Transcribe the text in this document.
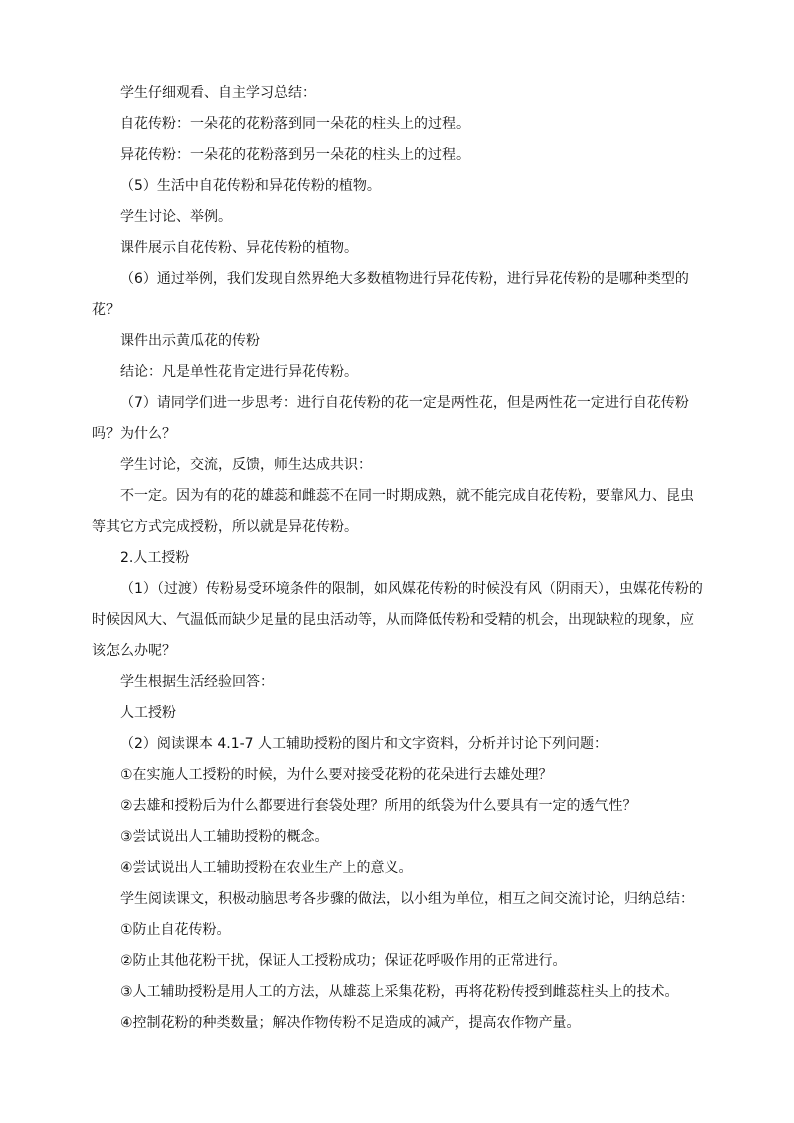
学生仔细观看、自主学习总结：

自花传粉：一朵花的花粉落到同一朵花的柱头上的过程。

异花传粉：一朵花的花粉落到另一朵花的柱头上的过程。

（5）生活中自花传粉和异花传粉的植物。

学生讨论、举例。

课件展示自花传粉、异花传粉的植物。

（6）通过举例，我们发现自然界绝大多数植物进行异花传粉，进行异花传粉的是哪种类型的花？

课件出示黄瓜花的传粉

结论：凡是单性花肯定进行异花传粉。

（7）请同学们进一步思考：进行自花传粉的花一定是两性花，但是两性花一定进行自花传粉吗？为什么？

学生讨论，交流，反馈，师生达成共识：

不一定。因为有的花的雄蕊和雌蕊不在同一时期成熟，就不能完成自花传粉，要靠风力、昆虫等其它方式完成授粉，所以就是异花传粉。

2.人工授粉

（1）（过渡）传粉易受环境条件的限制，如风媒花传粉的时候没有风（阴雨天），虫媒花传粉的时候因风大、气温低而缺少足量的昆虫活动等，从而降低传粉和受精的机会，出现缺粒的现象，应该怎么办呢？

学生根据生活经验回答：

人工授粉

（2）阅读课本 4.1-7 人工辅助授粉的图片和文字资料，分析并讨论下列问题：

①在实施人工授粉的时候，为什么要对接受花粉的花朵进行去雄处理？

②去雄和授粉后为什么都要进行套袋处理？所用的纸袋为什么要具有一定的透气性？

③尝试说出人工辅助授粉的概念。

④尝试说出人工辅助授粉在农业生产上的意义。

学生阅读课文，积极动脑思考各步骤的做法，以小组为单位，相互之间交流讨论，归纳总结：

①防止自花传粉。

②防止其他花粉干扰，保证人工授粉成功；保证花呼吸作用的正常进行。

③人工辅助授粉是用人工的方法，从雄蕊上采集花粉，再将花粉传授到雌蕊柱头上的技术。

④控制花粉的种类数量；解决作物传粉不足造成的减产，提高农作物产量。
